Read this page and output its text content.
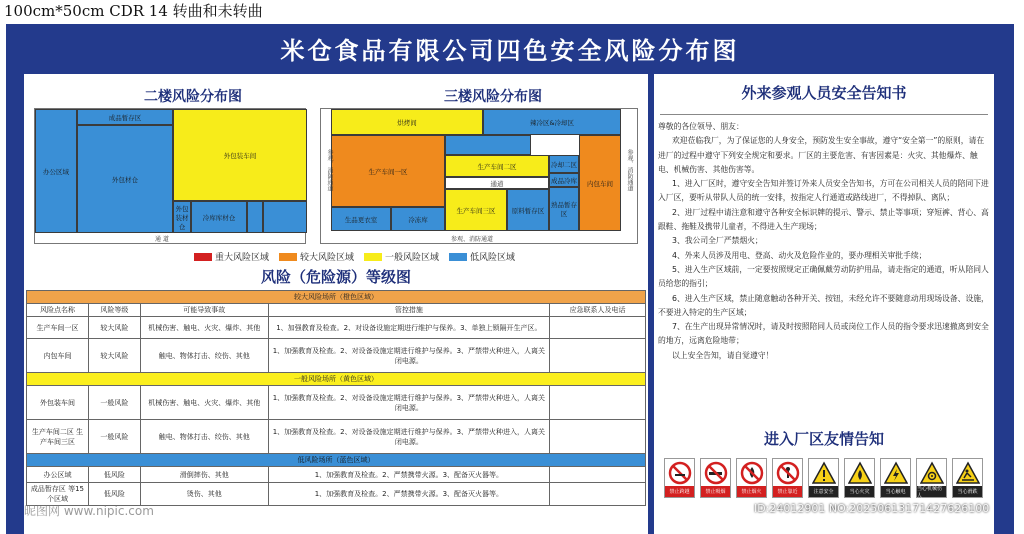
100cm*50cm CDR 14 转曲和未转曲
米仓食品有限公司四色安全风险分布图
二楼风险分布图
办公区域
成品暂存区
外包材仓
外包装车间
外包装材仓
冷库库材仓
通 道
三楼风险分布图
烘烤间	辣冷区&冷却区
生产车间一区
生产车间二区	冷却二区
成品冷库	内包车间
通道
生产车间三区	原料暂存区
熟品暂存区
生品更衣室	冷冻库
参观、消防通道	参观、消防通道
参观、消防通道
重大风险区域	较大风险区域	一般风险区域	低风险区域
风险（危险源）等级图
较大风险场所（橙色区域）				
风险点名称	风险等级	可能导致事故	管控措施	应急联系人及电话
生产车间一区	较大风险	机械伤害、触电、火灾、爆炸、其他	1、加强教育及检查。2、对设备设施定期进行维护与保养。3、单独上锁隔开生产区。	
内包车间	较大风险	触电、物体打击、绞伤、其他	1、加强教育及检查。2、对设备设施定期进行维护与保养。3、严禁带火种进入，人离关闭电源。	
一般风险场所（黄色区域）				
外包装车间	一般风险	机械伤害、触电、火灾、爆炸、其他	1、加强教育及检查。2、对设备设施定期进行维护与保养。3、严禁带火种进入，人离关闭电源。	
生产车间二区 生产车间三区	一般风险	触电、物体打击、绞伤、其他	1、加强教育及检查。2、对设备设施定期进行维护与保养。3、严禁带火种进入，人离关闭电源。	
低风险场所（蓝色区域）				
办公区域	低风险	滑倒摔伤、其他	1、加强教育及检查。2、严禁携带火源。3、配备灭火器等。	
成品暂存区 等15个区域	低风险	烫伤、其他	1、加强教育及检查。2、严禁携带火源。3、配备灭火器等。	
外来参观人员安全告知书

尊敬的各位领导、朋友：

欢迎莅临我厂，为了保证您的人身安全，预防发生安全事故，遵守“安全第一”的原则，请在进厂的过程中遵守下列安全规定和要求。厂区的主要危害、有害因素是：火灾、其他爆炸、触电、机械伤害、其他伤害等。

1、进入厂区时，遵守安全告知并签订外来人员安全告知书，方可在公司相关人员的陪同下进入厂区，要听从带队人员的统一安排，按指定人行通道或路线进厂，不得掉队、离队；

2、进厂过程中请注意和遵守各种安全标识牌的提示、警示、禁止等事项；穿短裤、背心、高跟鞋、拖鞋及携带儿童者，不得进入生产现场；

3、我公司全厂严禁烟火；

4、外来人员涉及用电、登高、动火及危险作业的，要办理相关审批手续；

5、进入生产区域前，一定要按照规定正确佩戴劳动防护用品，请走指定的通道，听从陪同人员给您的指引；

6、进入生产区域，禁止随意触动各种开关、按钮，未经允许不要随意动用现场设备、设施，不要进入特定的生产区域；

7、在生产出现异常情况时，请及时按照陪同人员或岗位工作人员的指令要求迅速撤离到安全的地方，远离危险地带；

以上安全告知，请自觉遵守！

进入厂区友情告知
禁止跨越	禁止吸烟	禁止烟火	禁止靠近	注意安全	当心火灾	当心触电
当心机械伤人
当心滑跌
昵图网 www.nipic.com	ID:24012901 NO:20250613171427626100
